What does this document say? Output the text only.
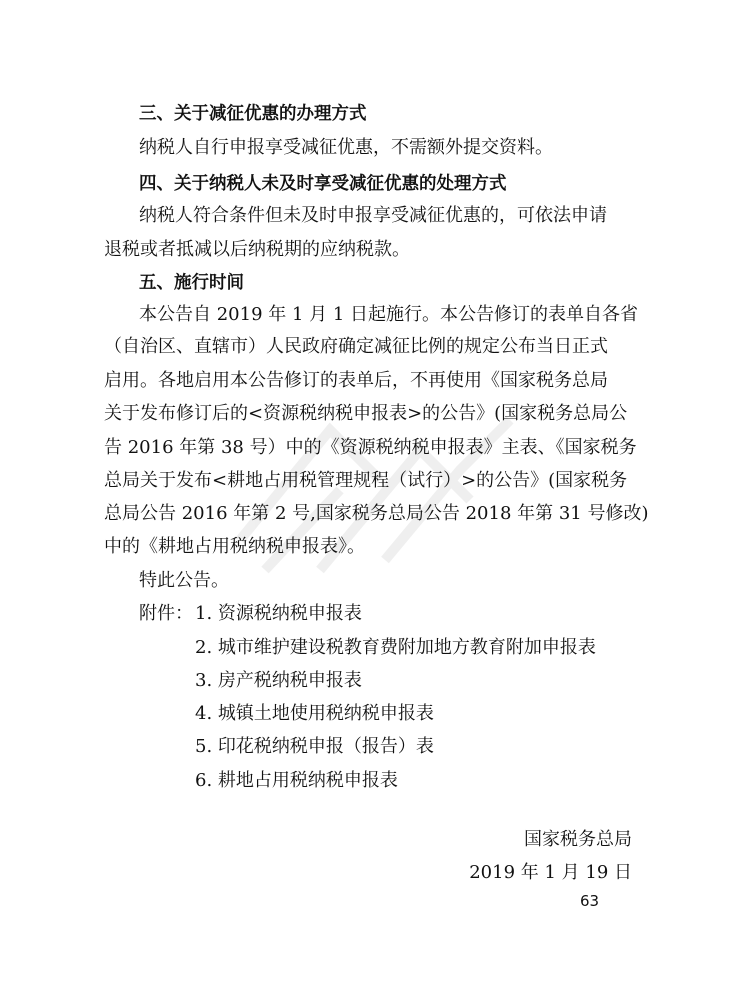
三、关于减征优惠的办理方式
纳税人自行申报享受减征优惠，不需额外提交资料。
四、关于纳税人未及时享受减征优惠的处理方式
纳税人符合条件但未及时申报享受减征优惠的，可依法申请
退税或者抵减以后纳税期的应纳税款。
五、施行时间
本公告自 2019 年 1 月 1 日起施行。本公告修订的表单自各省
（自治区、直辖市）人民政府确定减征比例的规定公布当日正式
启用。各地启用本公告修订的表单后，不再使用《国家税务总局
关于发布修订后的<资源税纳税申报表>的公告》(国家税务总局公
告 2016 年第 38 号）中的《资源税纳税申报表》主表、《国家税务
总局关于发布<耕地占用税管理规程（试行）>的公告》(国家税务
总局公告 2016 年第 2 号,国家税务总局公告 2018 年第 31 号修改)
中的《耕地占用税纳税申报表》。
特此公告。
附件： 1. 资源税纳税申报表
2. 城市维护建设税教育费附加地方教育附加申报表
3. 房产税纳税申报表
4. 城镇土地使用税纳税申报表
5. 印花税纳税申报（报告）表
6. 耕地占用税纳税申报表
国家税务总局
2019 年 1 月 19 日
63
